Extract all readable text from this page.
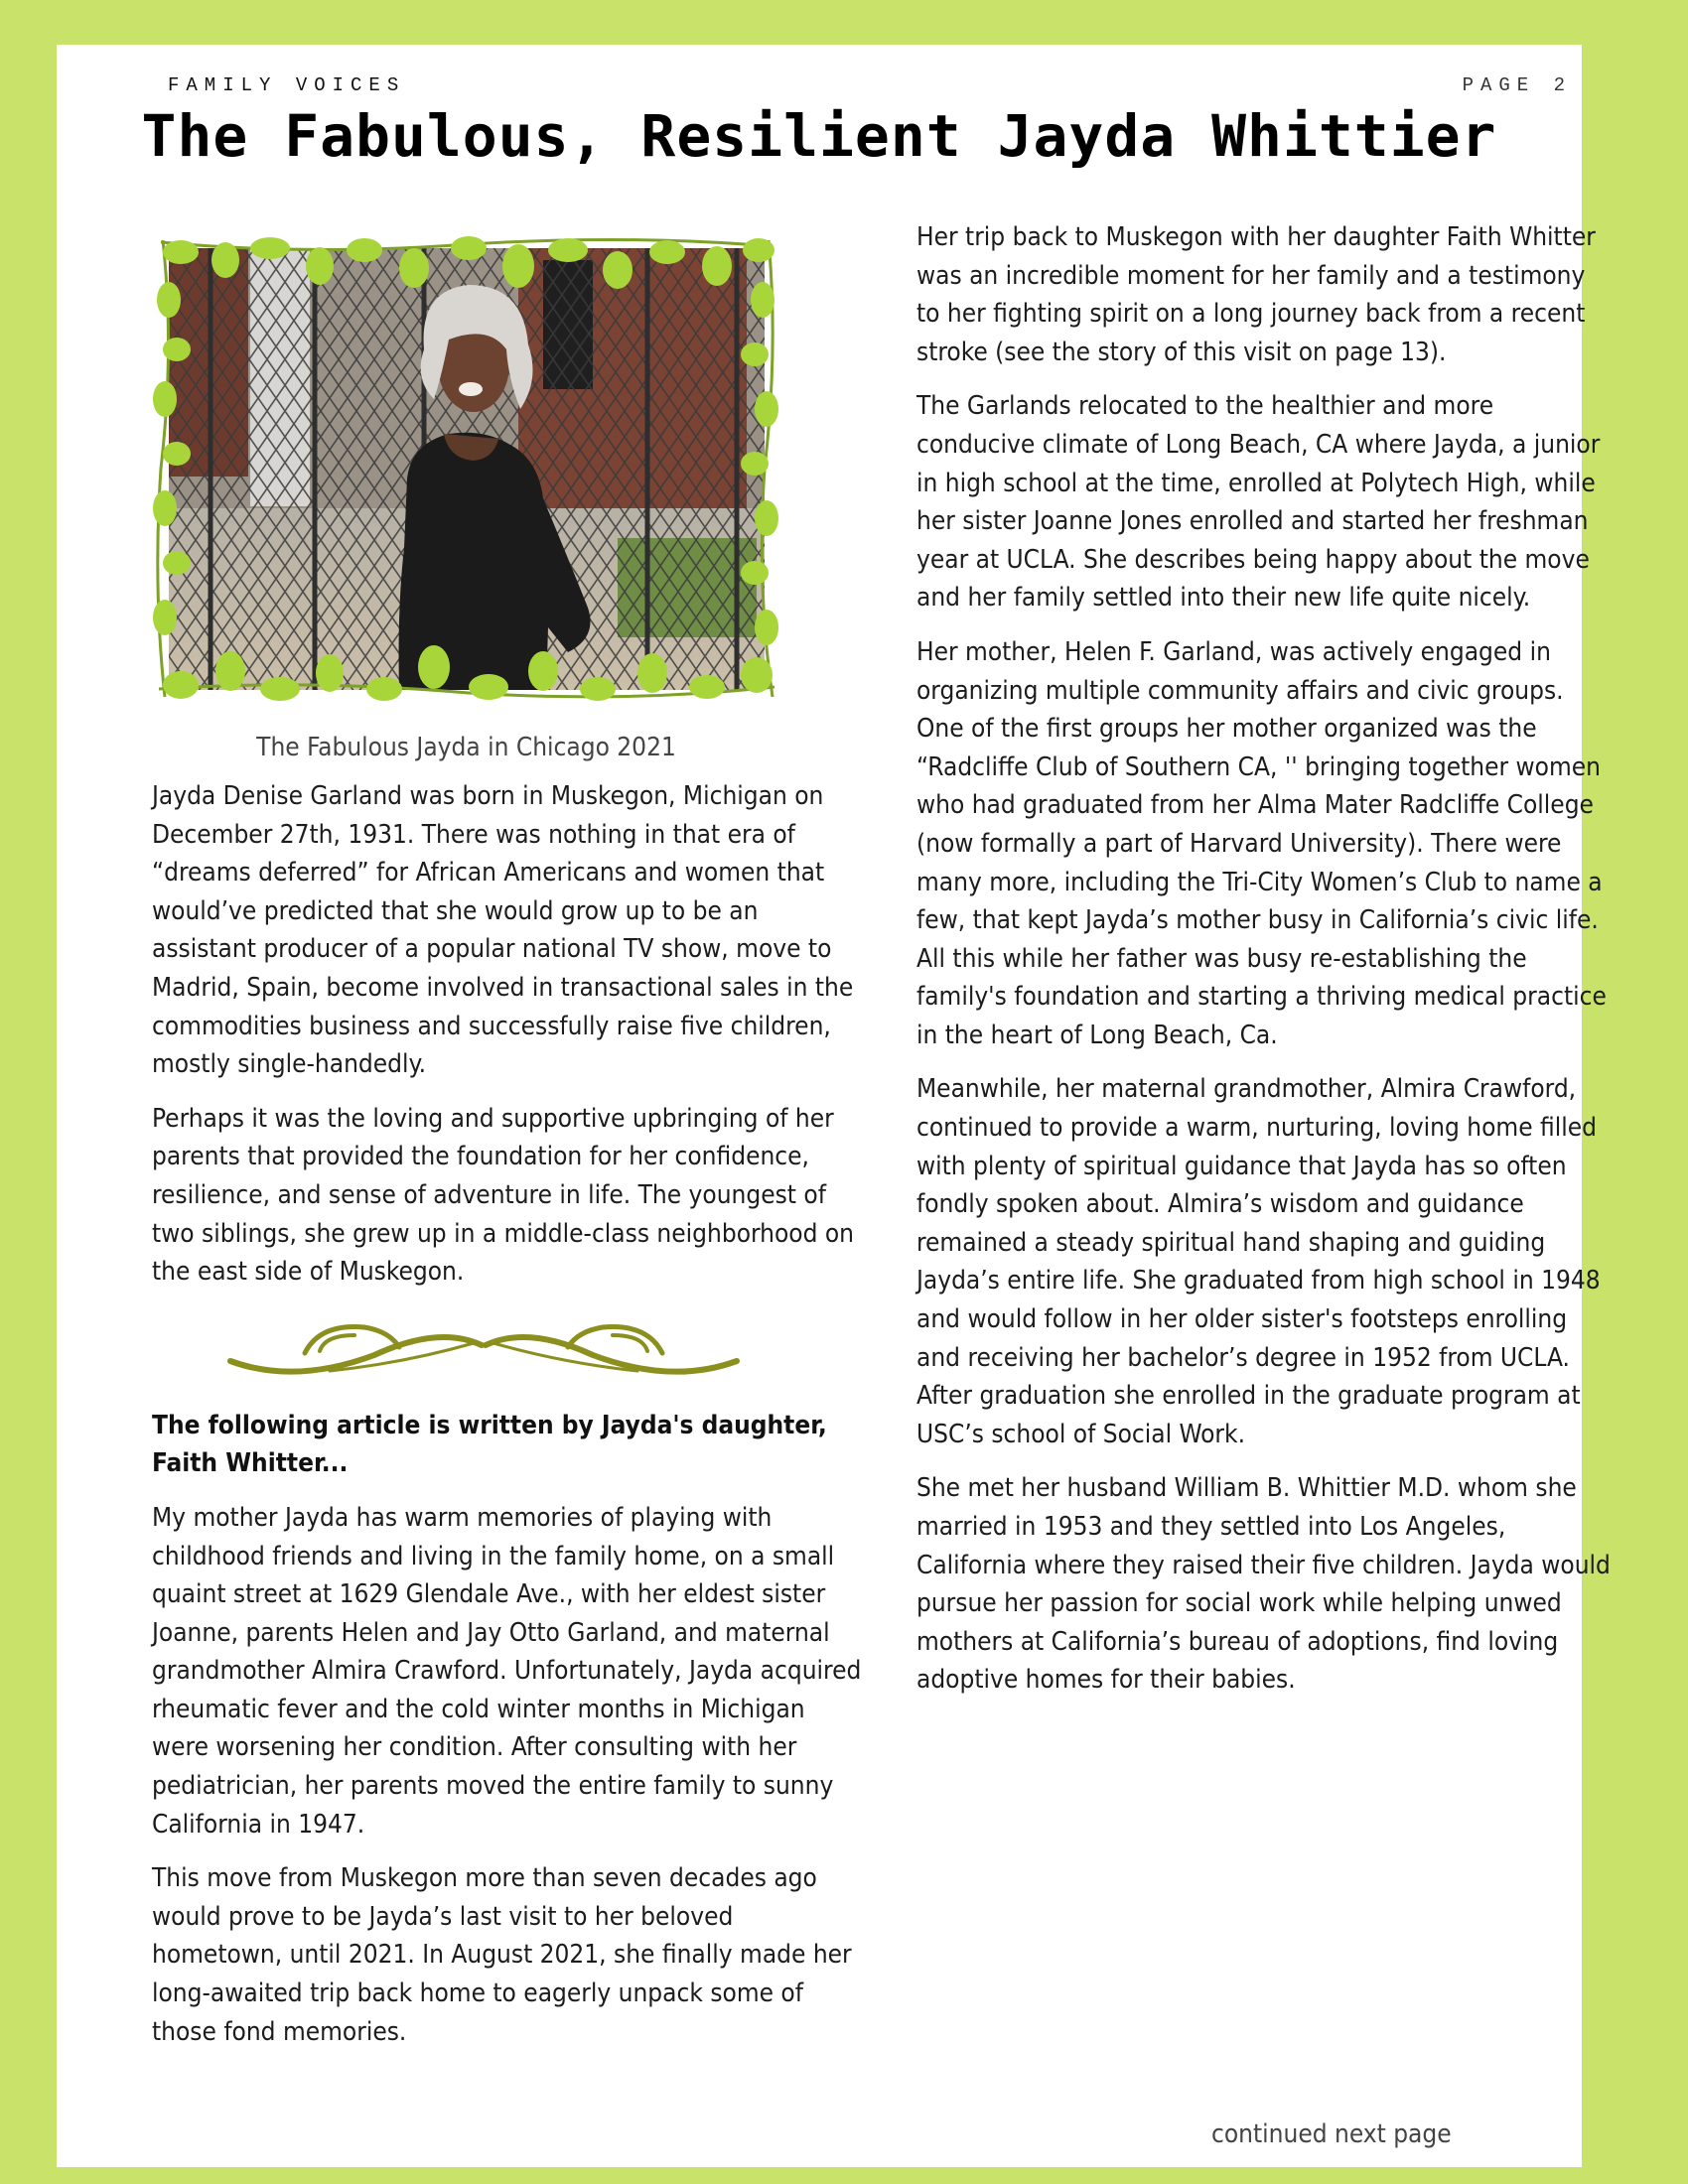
FAMILY VOICES	PAGE 2
The Fabulous, Resilient Jayda Whittier
The Fabulous Jayda in Chicago 2021

Jayda Denise Garland was born in Muskegon, Michigan on December 27th, 1931. There was nothing in that era of “dreams deferred” for African Americans and women that would’ve predicted that she would grow up to be an assistant producer of a popular national TV show, move to Madrid, Spain, become involved in transactional sales in the commodities business and successfully raise five children, mostly single-handedly.

Perhaps it was the loving and supportive upbringing of her parents that provided the foundation for her confidence, resilience, and sense of adventure in life. The youngest of two siblings, she grew up in a middle-class neighborhood on the east side of Muskegon.

The following article is written by Jayda's daughter, Faith Whitter...

My mother Jayda has warm memories of playing with childhood friends and living in the family home, on a small quaint street at 1629 Glendale Ave., with her eldest sister Joanne, parents Helen and Jay Otto Garland, and maternal grandmother Almira Crawford. Unfortunately, Jayda acquired rheumatic fever and the cold winter months in Michigan were worsening her condition. After consulting with her pediatrician, her parents moved the entire family to sunny California in 1947.

This move from Muskegon more than seven decades ago would prove to be Jayda’s last visit to her beloved hometown, until 2021. In August 2021, she finally made her long-awaited trip back home to eagerly unpack some of those fond memories.

Her trip back to Muskegon with her daughter Faith Whitter was an incredible moment for her family and a testimony to her fighting spirit on a long journey back from a recent stroke (see the story of this visit on page 13).

The Garlands relocated to the healthier and more conducive climate of Long Beach, CA where Jayda, a junior in high school at the time, enrolled at Polytech High, while her sister Joanne Jones enrolled and started her freshman year at UCLA. She describes being happy about the move and her family settled into their new life quite nicely.

Her mother, Helen F. Garland, was actively engaged in organizing multiple community affairs and civic groups. One of the first groups her mother organized was the “Radcliffe Club of Southern CA, '' bringing together women who had graduated from her Alma Mater Radcliffe College (now formally a part of Harvard University). There were many more, including the Tri-City Women’s Club to name a few, that kept Jayda’s mother busy in California’s civic life. All this while her father was busy re-establishing the family's foundation and starting a thriving medical practice in the heart of Long Beach, Ca.

Meanwhile, her maternal grandmother, Almira Crawford, continued to provide a warm, nurturing, loving home filled with plenty of spiritual guidance that Jayda has so often fondly spoken about. Almira’s wisdom and guidance remained a steady spiritual hand shaping and guiding Jayda’s entire life. She graduated from high school in 1948 and would follow in her older sister's footsteps enrolling and receiving her bachelor’s degree in 1952 from UCLA. After graduation she enrolled in the graduate program at USC’s school of Social Work.

She met her husband William B. Whittier M.D. whom she married in 1953 and they settled into Los Angeles, California where they raised their five children. Jayda would pursue her passion for social work while helping unwed mothers at California’s bureau of adoptions, find loving adoptive homes for their babies.

continued next page
